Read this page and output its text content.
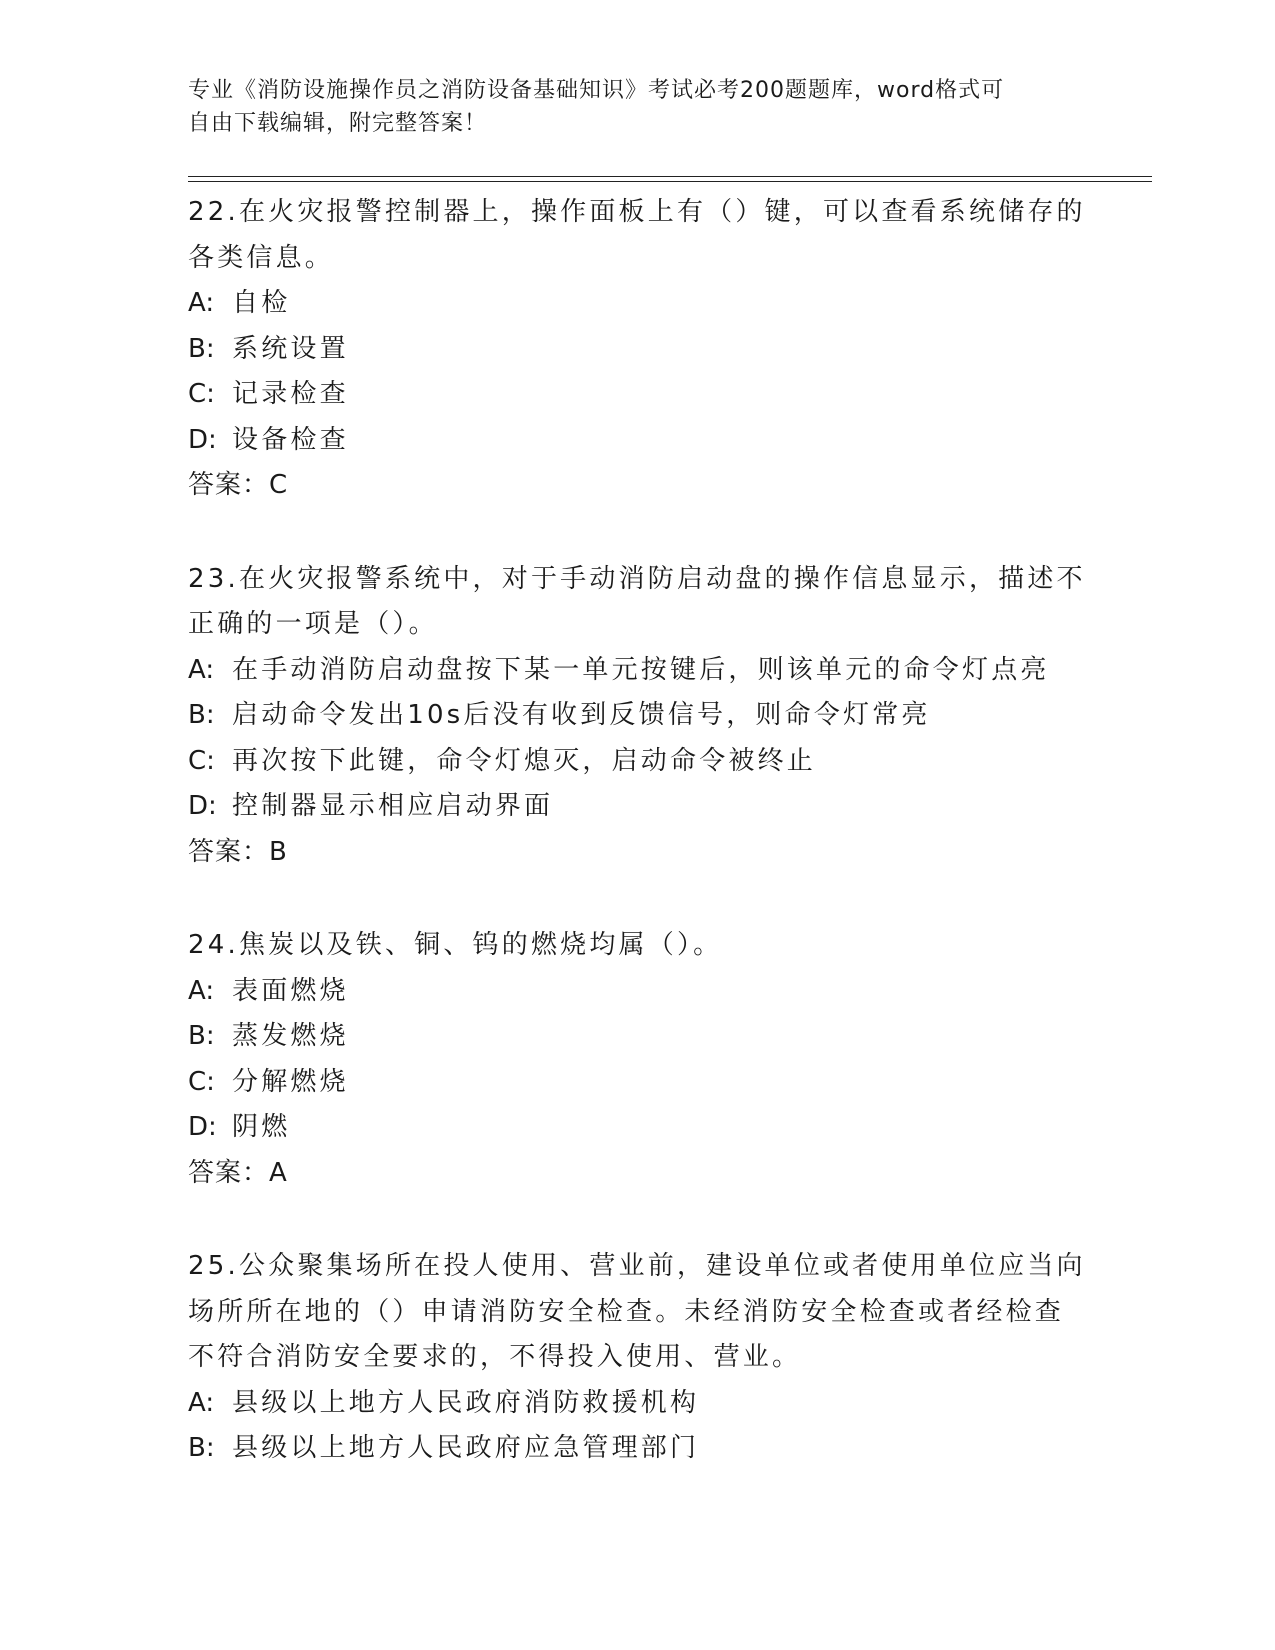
专业《消防设施操作员之消防设备基础知识》考试必考200题题库，word格式可
自由下载编辑，附完整答案！
22.在火灾报警控制器上，操作面板上有（）键，可以查看系统储存的
各类信息。
A: 自检
B: 系统设置
C: 记录检查
D: 设备检查
答案：C
23.在火灾报警系统中，对于手动消防启动盘的操作信息显示，描述不
正确的一项是（）。
A: 在手动消防启动盘按下某一单元按键后，则该单元的命令灯点亮
B: 启动命令发出10s后没有收到反馈信号，则命令灯常亮
C: 再次按下此键，命令灯熄灭，启动命令被终止
D: 控制器显示相应启动界面
答案：B
24.焦炭以及铁、铜、钨的燃烧均属（）。
A: 表面燃烧
B: 蒸发燃烧
C: 分解燃烧
D: 阴燃
答案：A
25.公众聚集场所在投人使用、营业前，建设单位或者使用单位应当向
场所所在地的（）申请消防安全检查。未经消防安全检查或者经检查
不符合消防安全要求的，不得投入使用、营业。
A: 县级以上地方人民政府消防救援机构
B: 县级以上地方人民政府应急管理部门
